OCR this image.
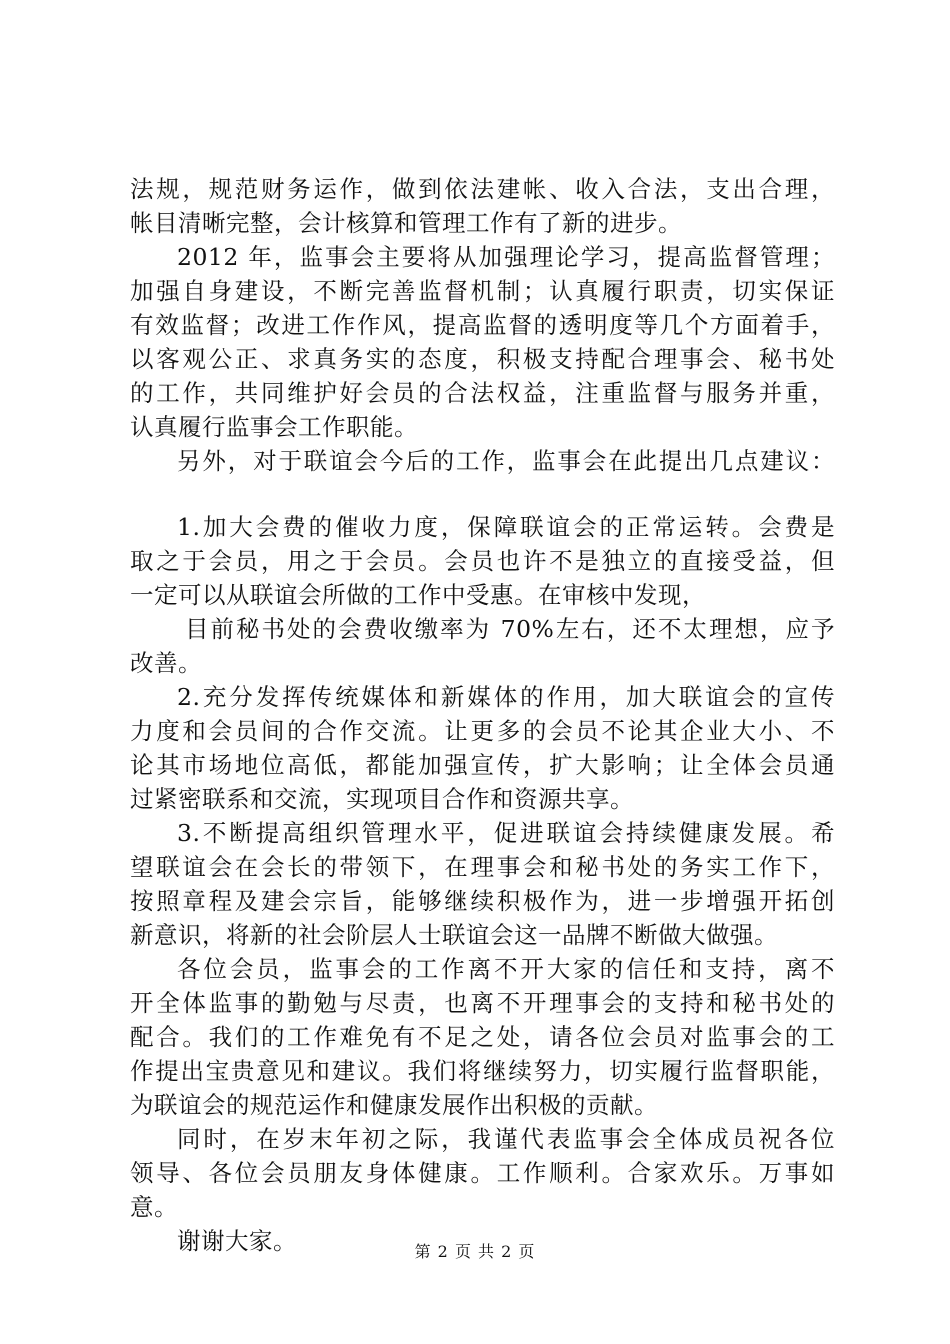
法规，规范财务运作，做到依法建帐、收入合法，支出合理，
帐目清晰完整，会计核算和管理工作有了新的进步。
2012 年，监事会主要将从加强理论学习，提高监督管理；
加强自身建设，不断完善监督机制；认真履行职责，切实保证
有效监督；改进工作作风，提高监督的透明度等几个方面着手，
以客观公正、求真务实的态度，积极支持配合理事会、秘书处
的工作，共同维护好会员的合法权益，注重监督与服务并重，
认真履行监事会工作职能。
另外，对于联谊会今后的工作，监事会在此提出几点建议：
1.加大会费的催收力度，保障联谊会的正常运转。会费是
取之于会员，用之于会员。会员也许不是独立的直接受益，但
一定可以从联谊会所做的工作中受惠。在审核中发现，
目前秘书处的会费收缴率为 70%左右，还不太理想，应予
改善。
2.充分发挥传统媒体和新媒体的作用，加大联谊会的宣传
力度和会员间的合作交流。让更多的会员不论其企业大小、不
论其市场地位高低，都能加强宣传，扩大影响；让全体会员通
过紧密联系和交流，实现项目合作和资源共享。
3.不断提高组织管理水平，促进联谊会持续健康发展。希
望联谊会在会长的带领下，在理事会和秘书处的务实工作下，
按照章程及建会宗旨，能够继续积极作为，进一步增强开拓创
新意识，将新的社会阶层人士联谊会这一品牌不断做大做强。
各位会员，监事会的工作离不开大家的信任和支持，离不
开全体监事的勤勉与尽责，也离不开理事会的支持和秘书处的
配合。我们的工作难免有不足之处，请各位会员对监事会的工
作提出宝贵意见和建议。我们将继续努力，切实履行监督职能，
为联谊会的规范运作和健康发展作出积极的贡献。
同时，在岁末年初之际，我谨代表监事会全体成员祝各位
领导、各位会员朋友身体健康。工作顺利。合家欢乐。万事如
意。
谢谢大家。	第 2 页 共 2 页
